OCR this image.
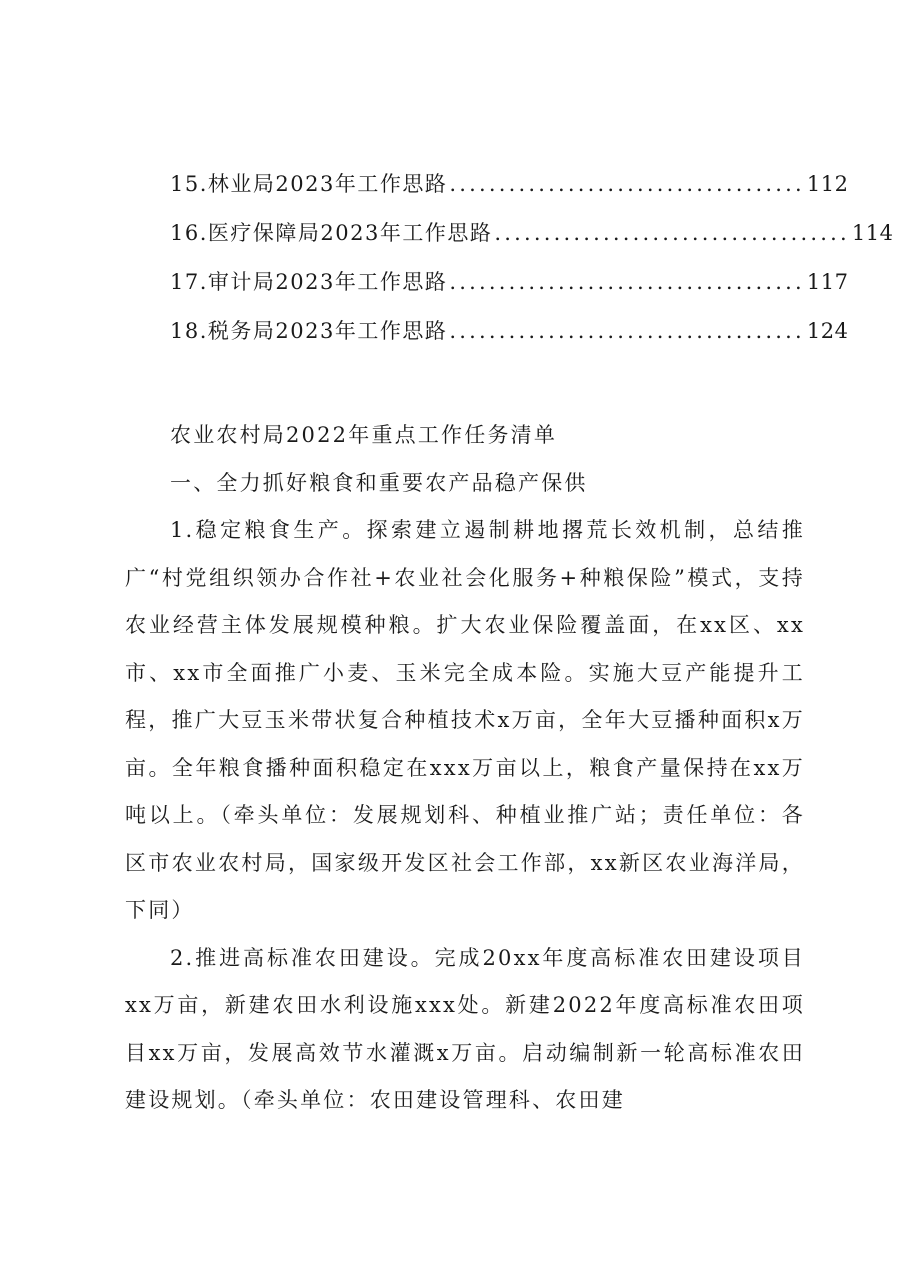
15.林业局2023年工作思路 .................................... 112
16.医疗保障局2023年工作思路 .................................... 114
17.审计局2023年工作思路 .................................... 117
18.税务局2023年工作思路 .................................... 124

农业农村局2022年重点工作任务清单

一、全力抓好粮食和重要农产品稳产保供

1.稳定粮食生产。探索建立遏制耕地撂荒长效机制，总结推广“村党组织领办合作社+农业社会化服务+种粮保险”模式，支持农业经营主体发展规模种粮。扩大农业保险覆盖面，在xx区、xx市、xx市全面推广小麦、玉米完全成本险。实施大豆产能提升工程，推广大豆玉米带状复合种植技术x万亩，全年大豆播种面积x万亩。全年粮食播种面积稳定在xxx万亩以上，粮食产量保持在xx万吨以上。（牵头单位：发展规划科、种植业推广站；责任单位：各区市农业农村局，国家级开发区社会工作部，xx新区农业海洋局，下同）

2.推进高标准农田建设。完成20xx年度高标准农田建设项目xx万亩，新建农田水利设施xxx处。新建2022年度高标准农田项目xx万亩，发展高效节水灌溉x万亩。启动编制新一轮高标准农田建设规划。（牵头单位：农田建设管理科、农田建
